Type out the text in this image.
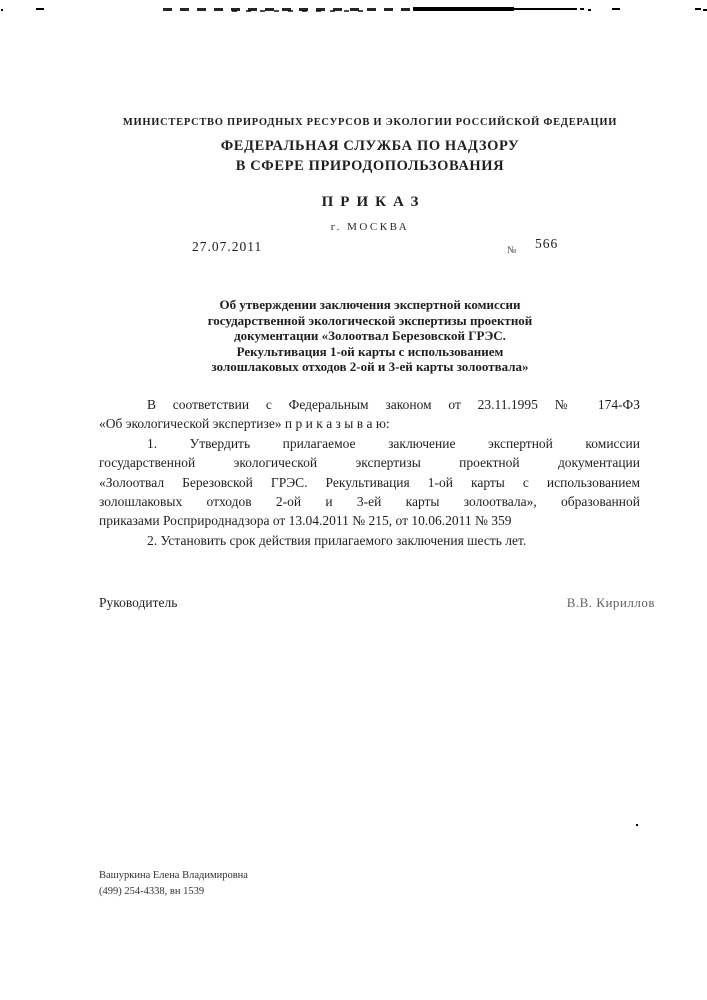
МИНИСТЕРСТВО ПРИРОДНЫХ РЕСУРСОВ И ЭКОЛОГИИ РОССИЙСКОЙ ФЕДЕРАЦИИ
ФЕДЕРАЛЬНАЯ СЛУЖБА ПО НАДЗОРУ
В СФЕРЕ ПРИРОДОПОЛЬЗОВАНИЯ
ПРИКАЗ
г. МОСКВА
27.07.2011	№ 566
Об утверждении заключения экспертной комиссии
государственной экологической экспертизы проектной
документации «Золоотвал Березовской ГРЭС.
Рекультивация 1-ой карты с использованием
золошлаковых отходов 2-ой и 3-ей карты золоотвала»
В соответствии с Федеральным законом от 23.11.1995 № 174-ФЗ
«Об экологической экспертизе» п р и к а з ы в а ю:
1. Утвердить прилагаемое заключение экспертной комиссии
государственной экологической экспертизы проектной документации
«Золоотвал Березовской ГРЭС. Рекультивация 1-ой карты с использованием
золошлаковых отходов 2-ой и 3-ей карты золоотвала», образованной
приказами Росприроднадзора от 13.04.2011 № 215, от 10.06.2011 № 359
2. Установить срок действия прилагаемого заключения шесть лет.
Руководитель	В.В. Кириллов
Вашуркина Елена Владимировна
(499) 254-4338, вн 1539
